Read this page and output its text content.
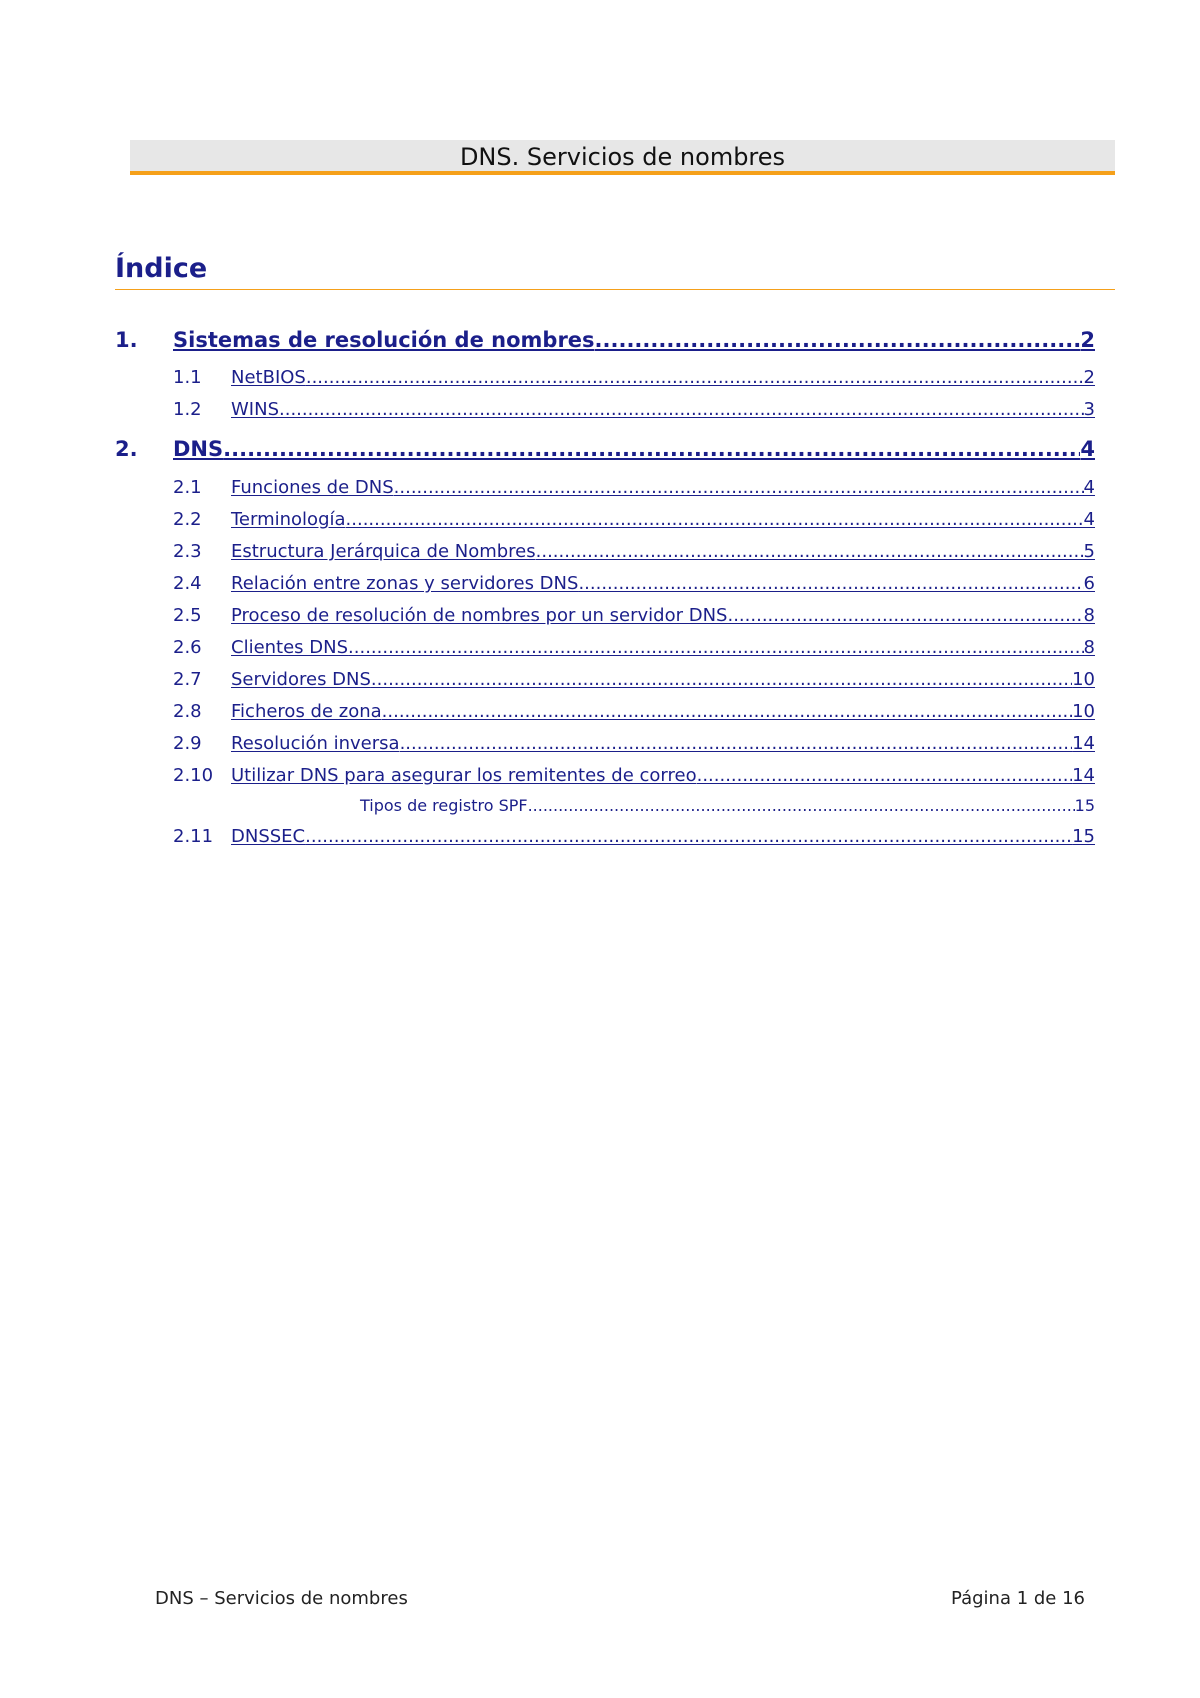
DNS. Servicios de nombres
Índice
1.	Sistemas de resolución de nombres .....	2
1.1	NetBIOS .....	2
1.2	WINS .....	3
2.	DNS .....	4
2.1	Funciones de DNS .....	4
2.2	Terminología .....	4
2.3	Estructura Jerárquica de Nombres .....	5
2.4	Relación entre zonas y servidores DNS .....	6
2.5	Proceso de resolución de nombres por un servidor DNS .....	8
2.6	Clientes DNS .....	8
2.7	Servidores DNS .....	10
2.8	Ficheros de zona .....	10
2.9	Resolución inversa .....	14
2.10 Utilizar DNS para asegurar los remitentes de correo .....	14
Tipos de registro SPF .....	15
2.11 DNSSEC .....	15
DNS – Servicios de nombres	Página 1 de 16
